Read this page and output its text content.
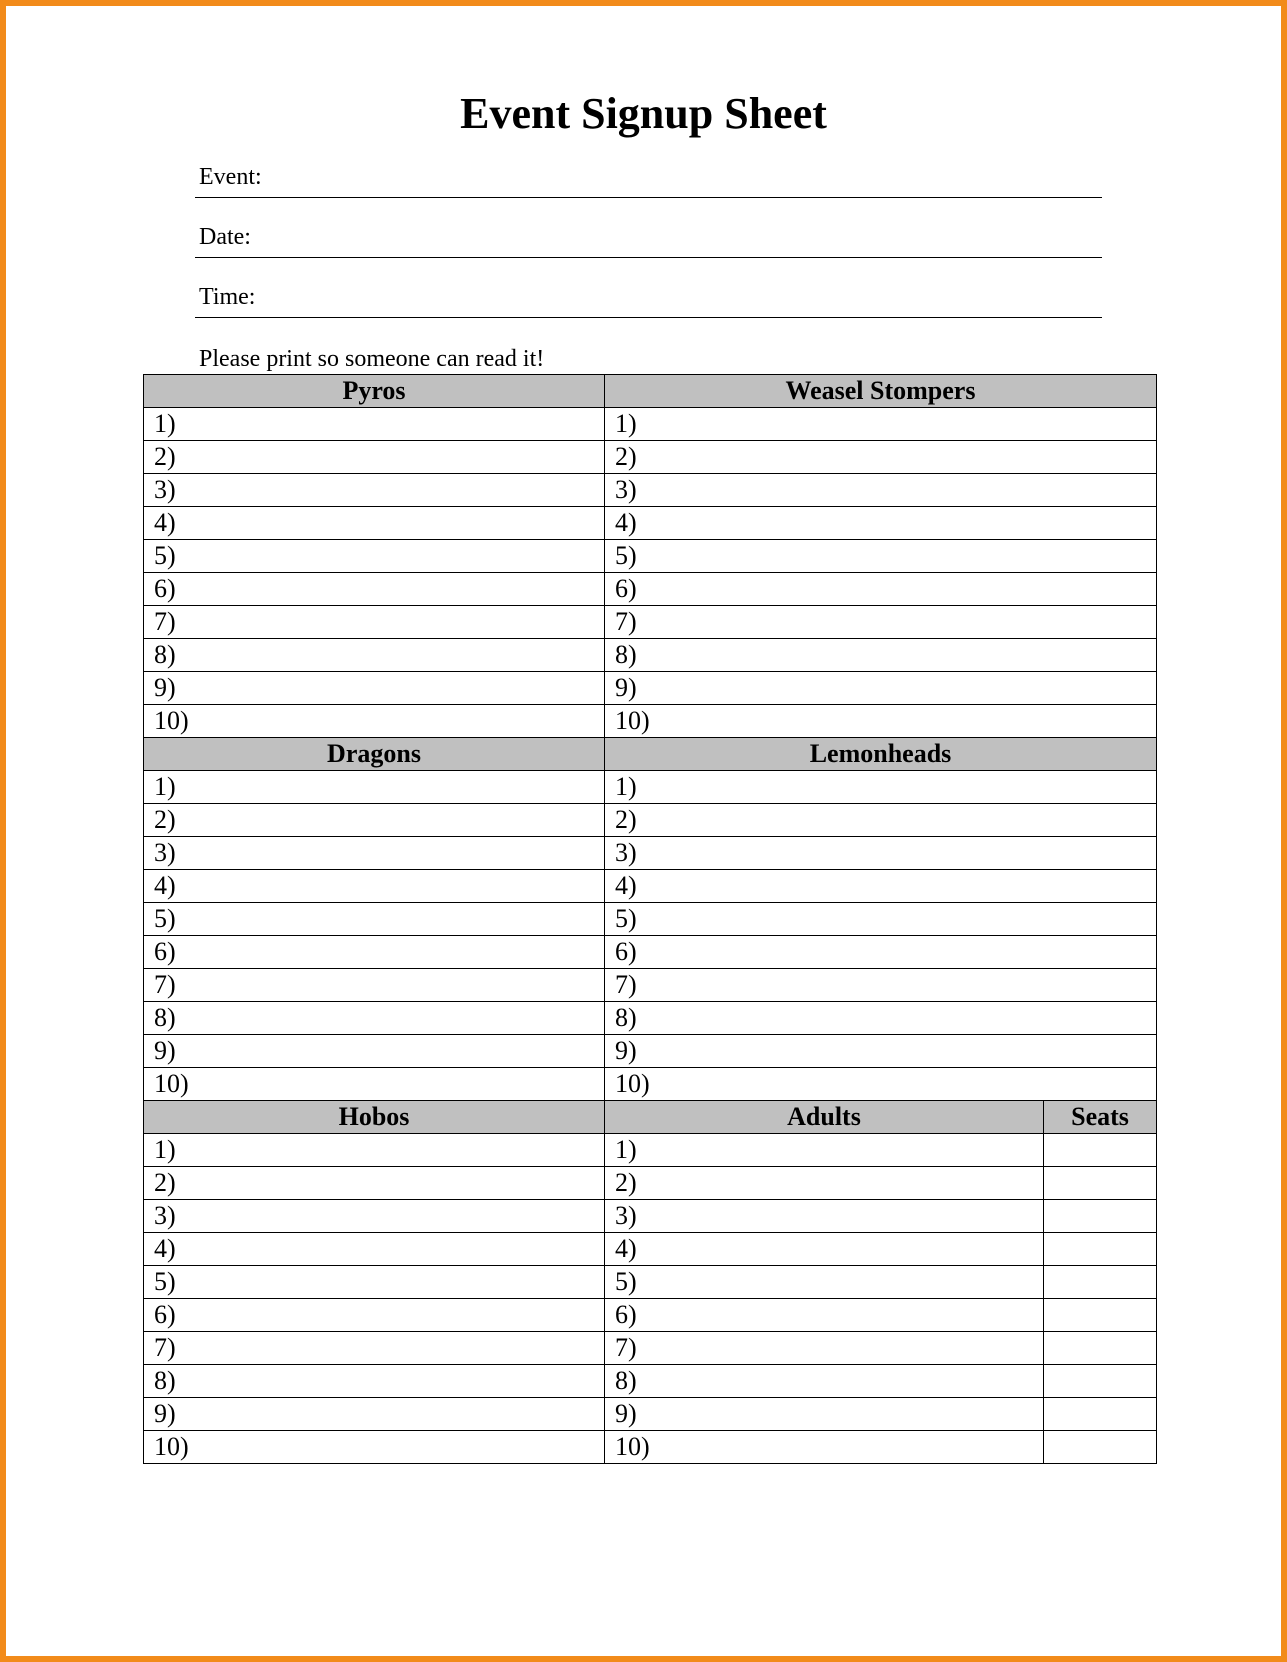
Event Signup Sheet
Event:
Date:
Time:
Please print so someone can read it!
Pyros	Weasel Stompers	
1)	1)	
2)	2)	
3)	3)	
4)	4)	
5)	5)	
6)	6)	
7)	7)	
8)	8)	
9)	9)	
10)	10)	
Dragons	Lemonheads	
1)	1)	
2)	2)	
3)	3)	
4)	4)	
5)	5)	
6)	6)	
7)	7)	
8)	8)	
9)	9)	
10)	10)	
Hobos	Adults	Seats
1)	1)	
2)	2)	
3)	3)	
4)	4)	
5)	5)	
6)	6)	
7)	7)	
8)	8)	
9)	9)	
10)	10)	
